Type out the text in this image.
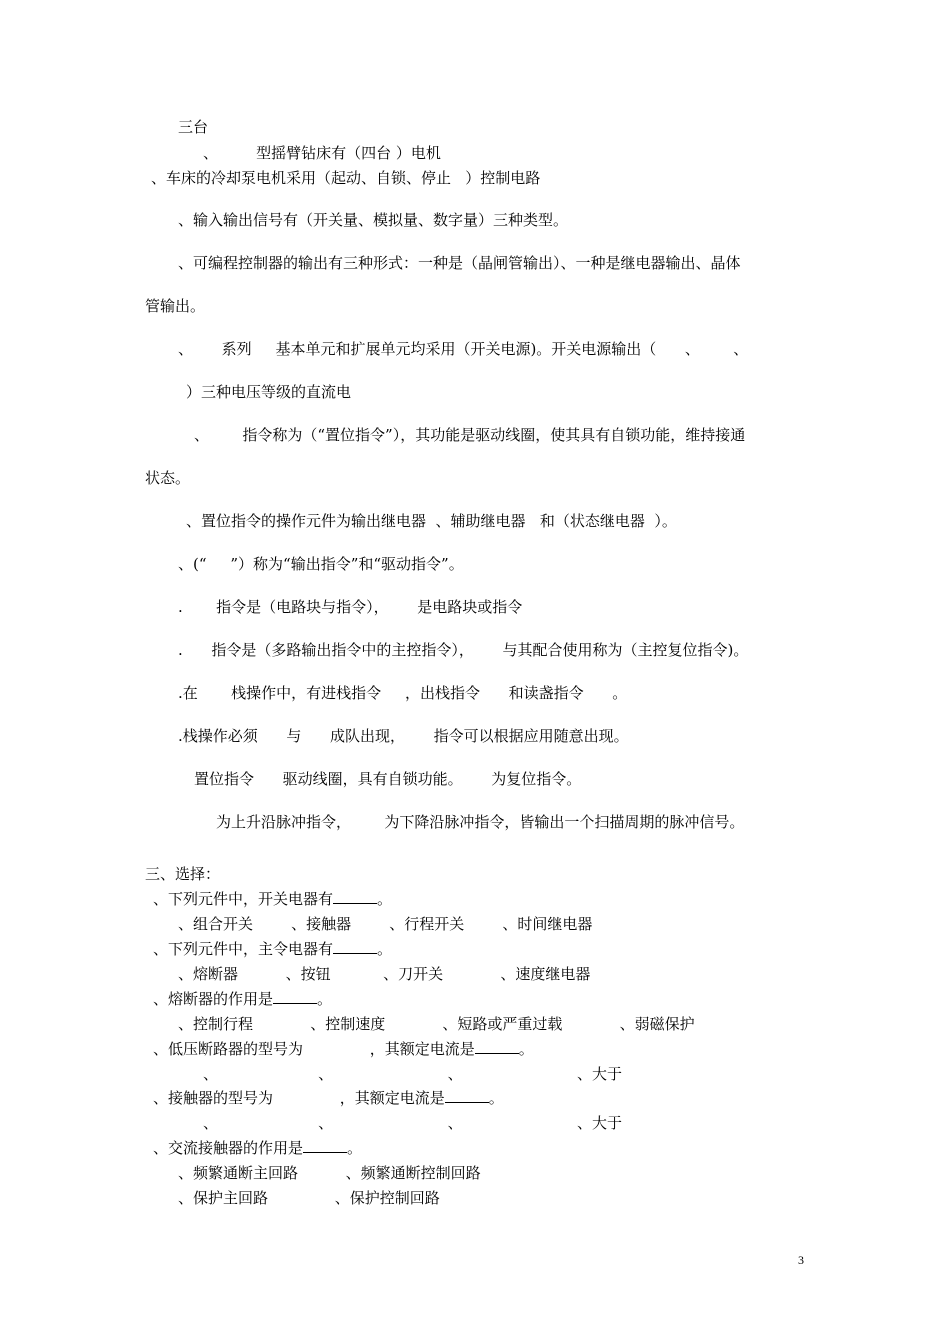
三台

、        型摇臂钻床有（四台 ）电机

、车床的冷却泵电机采用（起动、自锁、停止   ）控制电路

、输入输出信号有（开关量、模拟量、数字量）三种类型。

、可编程控制器的输出有三种形式：一种是（晶闸管输出）、一种是继电器输出、晶体

管输出。

、      系列     基本单元和扩展单元均采用（开关电源)。开关电源输出（      、       、

）三种电压等级的直流电

、       指令称为（“置位指令”），其功能是驱动线圈，使其具有自锁功能，维持接通

状态。

、置位指令的操作元件为输出继电器  、辅助继电器   和（状态继电器  ）。

、(“     ”）称为“输出指令”和“驱动指令”。

.       指令是（电路块与指令），      是电路块或指令

.      指令是（多路输出指令中的主控指令），      与其配合使用称为（主控复位指令)。

.在       栈操作中，有进栈指令     ，出栈指令      和读盏指令      。

.栈操作必须      与      成队出现，      指令可以根据应用随意出现。

置位指令      驱动线圈，具有自锁功能。      为复位指令。

为上升沿脉冲指令，       为下降沿脉冲指令，皆输出一个扫描周期的脉冲信号。

三、选择：

、下列元件中，开关电器有	。

、组合开关        、接触器        、行程开关        、时间继电器

、下列元件中，主令电器有	。

、熔断器          、按钮           、刀开关            、速度继电器

、熔断器的作用是	。

、控制行程            、控制速度            、短路或严重过载            、弱磁保护

、低压断路器的型号为              ，其额定电流是	。

、                     、                        、                        、大于

、接触器的型号为              ，其额定电流是	。

、                     、                        、                        、大于

、交流接触器的作用是	。

、频繁通断主回路          、频繁通断控制回路

、保护主回路              、保护控制回路

3
